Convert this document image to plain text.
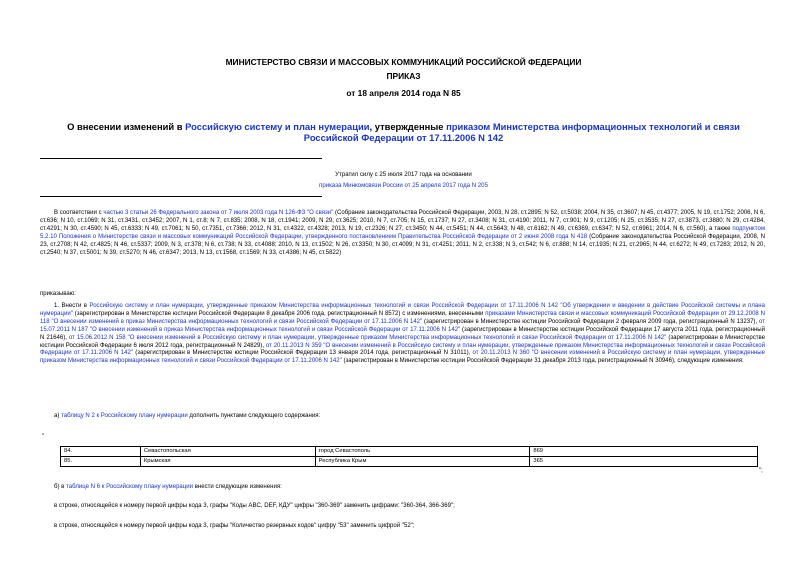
МИНИСТЕРСТВО СВЯЗИ И МАССОВЫХ КОММУНИКАЦИЙ РОССИЙСКОЙ ФЕДЕРАЦИИ
ПРИКАЗ
от 18 апреля 2014 года N 85
О внесении изменений в Российскую систему и план нумерации, утвержденные приказом Министерства информационных технологий и связи Российской Федерации от 17.11.2006 N 142
Утратил силу с 25 июля 2017 года на основании
приказа Минкомсвязи России от 25 апреля 2017 года N 205
В соответствии с частью 3 статьи 26 Федерального закона от 7 июля 2003 года N 126-ФЗ "О связи" (Собрание законодательства Российской Федерации, 2003, N 28, ст.2895; N 52, ст.5038; 2004, N 35, ст.3607; N 45, ст.4377; 2005, N 19, ст.1752; 2006, N 6, ст.636; N 10, ст.1069; N 31, ст.3431, ст.3452; 2007, N 1, ст.8; N 7, ст.835; 2008, N 18, ст.1941; 2009, N 29, ст.3625; 2010, N 7, ст.705; N 15, ст.1737; N 27, ст.3408; N 31, ст.4190; 2011, N 7, ст.901; N 9, ст.1205; N 25, ст.3535; N 27, ст.3873, ст.3880; N 29, ст.4284, ст.4291; N 30, ст.4590; N 45, ст.6333; N 49, ст.7061; N 50, ст.7351, ст.7366; 2012, N 31, ст.4322, ст.4328; 2013, N 19, ст.2326; N 27, ст.3450; N 44, ст.5451; N 44, ст.5643; N 48, ст.6162; N 49, ст.6369, ст.6347; N 52, ст.6961; 2014, N 6, ст.560), а также подпунктом 5.2.10 Положения о Министерстве связи и массовых коммуникаций Российской Федерации, утвержденного постановлением Правительства Российской Федерации от 2 июня 2008 года N 418 (Собрание законодательства Российской Федерации, 2008, N 23, ст.2708; N 42, ст.4825; N 46, ст.5337; 2009, N 3, ст.378; N 6, ст.738; N 33, ст.4088; 2010, N 13, ст.1502; N 26, ст.3350; N 30, ст.4099; N 31, ст.4251; 2011, N 2, ст.338; N 3, ст.542; N 6, ст.888; N 14, ст.1935; N 21, ст.2965; N 44, ст.6272; N 49, ст.7283; 2012, N 20, ст.2540; N 37, ст.5001; N 39, ст.5270; N 46, ст.6347; 2013, N 13, ст.1568, ст.1569; N 33, ст.4386; N 45, ст.5822)
приказываю:
1. Внести в Российскую систему и план нумерации, утвержденные приказом Министерства информационных технологий и связи Российской Федерации от 17.11.2006 N 142 "Об утверждении и введении в действие Российской системы и плана нумерации" (зарегистрирован в Министерстве юстиции Российской Федерации 8 декабря 2006 года, регистрационный N 8572) с изменениями, внесенными приказами Министерства связи и массовых коммуникаций Российской Федерации от 29.12.2008 N 118 "О внесении изменений в приказ Министерства информационных технологий и связи Российской Федерации от 17.11.2006 N 142" (зарегистрирован в Министерстве юстиции Российской Федерации 2 февраля 2009 года, регистрационный N 13237), от 15.07.2011 N 187 "О внесении изменений в приказ Министерства информационных технологий и связи Российской Федерации от 17.11.2006 N 142" (зарегистрирован в Министерстве юстиции Российской Федерации 17 августа 2011 года, регистрационный N 21646), от 15.06.2012 N 158 "О внесении изменений в Российскую систему и план нумерации, утвержденные приказом Министерства информационных технологий и связи Российской Федерации от 17.11.2006 N 142" (зарегистрирован в Министерстве юстиции Российской Федерации 6 июля 2012 года, регистрационный N 24829), от 20.11.2013 N 359 "О внесении изменений в Российскую систему и план нумерации, утвержденные приказом Министерства информационных технологий и связи Российской Федерации от 17.11.2006 N 142" (зарегистрирован в Министерстве юстиции Российской Федерации 13 января 2014 года, регистрационный N 31011), от 20.11.2013 N 360 "О внесении изменений в Российскую систему и план нумерации, утвержденные приказом Министерства информационных технологий и связи Российской Федерации от 17.11.2006 N 142" (зарегистрирован в Министерстве юстиции Российской Федерации 31 декабря 2013 года, регистрационный N 30946), следующие изменения:
а) таблицу N 2 к Российскому плану нумерации дополнить пунктами следующего содержания:
"
84.	Севастопольская	город Севастополь	869
85.	Крымская	Республика Крым	365
";
б) в таблице N 6 к Российскому плану нумерации внести следующие изменения:
в строке, относящейся к номеру первой цифры кода 3, графы "Коды ABC, DEF, КДУ" цифры "360-369" заменить цифрами: "360-364, 366-369";
в строке, относящейся к номеру первой цифры кода 3, графы "Количество резервных кодов" цифру "53" заменить цифрой "52";
